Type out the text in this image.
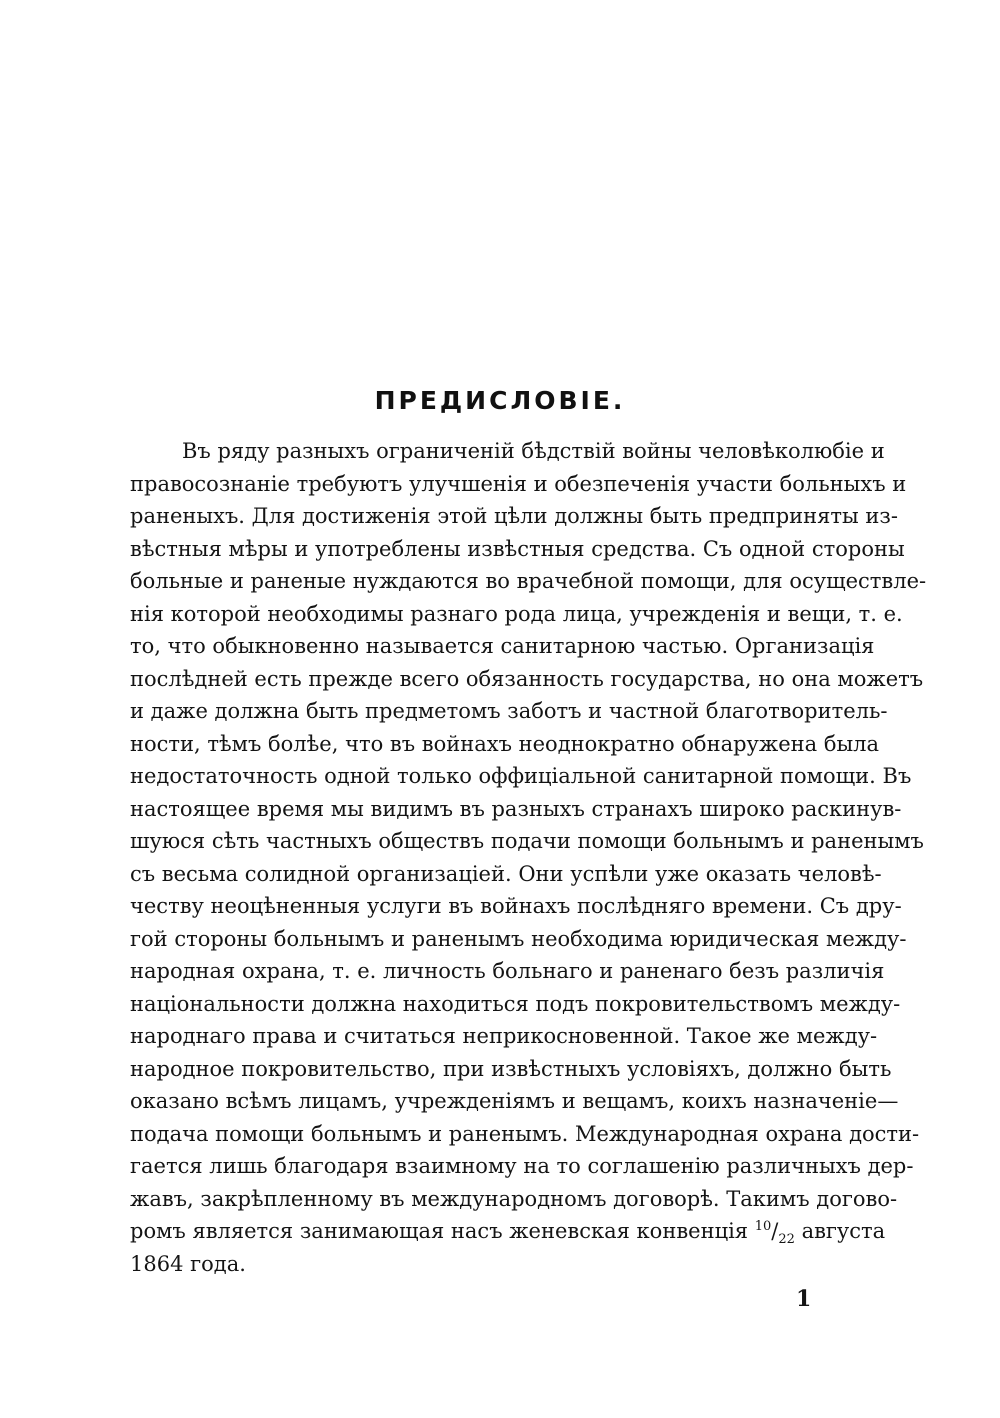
ПРЕДИСЛОВІЕ.
Въ ряду разныхъ ограниченій бѣдствій войны человѣколюбіе и
правосознаніе требуютъ улучшенія и обезпеченія участи больныхъ и
раненыхъ. Для достиженія этой цѣли должны быть предприняты из-
вѣстныя мѣры и употреблены извѣстныя средства. Съ одной стороны
больные и раненые нуждаются во врачебной помощи, для осуществле-
нія которой необходимы разнаго рода лица, учрежденія и вещи, т. е.
то, что обыкновенно называется санитарною частью. Организація
послѣдней есть прежде всего обязанность государства, но она можетъ
и даже должна быть предметомъ заботъ и частной благотворитель-
ности, тѣмъ болѣе, что въ войнахъ неоднократно обнаружена была
недостаточность одной только оффиціальной санитарной помощи. Въ
настоящее время мы видимъ въ разныхъ странахъ широко раскинув-
шуюся сѣть частныхъ обществъ подачи помощи больнымъ и раненымъ
съ весьма солидной организаціей. Они успѣли уже оказать человѣ-
честву неоцѣненныя услуги въ войнахъ послѣдняго времени. Съ дру-
гой стороны больнымъ и раненымъ необходима юридическая между-
народная охрана, т. е. личность больнаго и раненаго безъ различія
національности должна находиться подъ покровительствомъ между-
народнаго права и считаться неприкосновенной. Такое же между-
народное покровительство, при извѣстныхъ условіяхъ, должно быть
оказано всѣмъ лицамъ, учрежденіямъ и вещамъ, коихъ назначеніе—
подача помощи больнымъ и раненымъ. Международная охрана дости-
гается лишь благодаря взаимному на то соглашенію различныхъ дер-
жавъ, закрѣпленному въ международномъ договорѣ. Такимъ догово-
ромъ является занимающая насъ женевская конвенція $^{10}/_{22}$ августа
1864 года.
1
